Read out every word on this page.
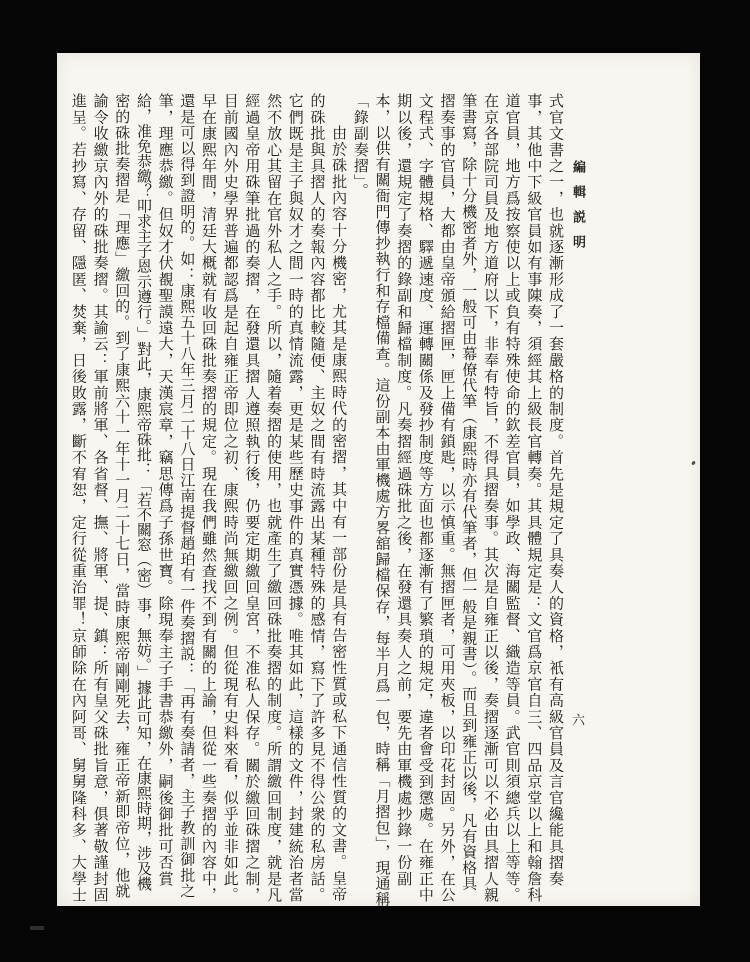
編輯説明
六
式官文書之一，也就逐漸形成了一套嚴格的制度。首先是規定了具奏人的資格，衹有高級官員及言官纔能具摺奏
事，其他中下級官員如有事陳奏，須經其上級長官轉奏。其具體規定是：文官爲京官自三、四品京堂以上和翰詹科
道官員，地方爲按察使以上或負有特殊使命的欽差官員，如學政、海關監督、織造等員。武官則須總兵以上等等。
在京各部院司員及地方道府以下，非奉有特旨，不得具摺奏事。其次是自雍正以後，奏摺逐漸可以不必由具摺人親
筆書寫，除十分機密者外，一般可由幕僚代筆（康熙時亦有代筆者，但一般是親書）。而且到雍正以後，凡有資格具
摺奏事的官員，大都由皇帝頒給摺匣，匣上備有鎖匙，以示慎重。無摺匣者，可用夾板，以印花封固。另外，在公
文程式、字體規格、驛遞速度、運轉關係及發抄制度等方面也都逐漸有了繁瑣的規定，違者會受到懲處。在雍正中
期以後，還規定了奏摺的錄副和歸檔制度。凡奏摺經過硃批之後，在發還具奏人之前，要先由軍機處抄錄一份副
本，以供有關衙門傳抄執行和存檔備查。這份副本由軍機處方畧舘歸檔保存，每半月爲一包，時稱「月摺包」，現通稱
「錄副奏摺」。
由於硃批內容十分機密，尤其是康熙時代的密摺，其中有一部份是具有告密性質或私下通信性質的文書。皇帝
的硃批與具摺人的奏報內容都比較隨便、主奴之間有時流露出某種特殊的感情，寫下了許多見不得公衆的私房話。
它們既是主子與奴才之間一時的真情流露，更是某些歷史事件的真實憑據。唯其如此，這樣的文件，封建統治者當
然不放心其留在官外私人之手。所以，隨着奏摺的使用，也就產生了繳回硃批奏摺的制度。所謂繳回制度，就是凡
經過皇帝用硃筆批過的奏摺，在發還具摺人遵照執行後，仍要定期繳回皇宮，不准私人保存。關於繳回硃摺之制，
目前國內外史學界普遍都認爲是起自雍正帝即位之初、康熙時尚無繳回之例。但從現有史料來看，似乎並非如此。
早在康熙年間，清廷大概就有收回硃批奏摺的規定。現在我們雖然查找不到有關的上諭，但從一些奏摺的內容中，
還是可以得到證明的。如：康熙五十八年三月二十八日江南提督趙珀有一件奏摺説：「再有奏請者，主子教訓御批之
筆，理應恭繳。但奴才伏覩聖謨遠大，天漢宸章，竊思傳爲子孫世寶。除現奉主子手書恭繳外，嗣後御批可否賞
給，准免恭繳？叩求主子恩示遵行。」對此，康熙帝硃批：「若不關窓（密）事，無妨。」據此可知，在康熙時期，涉及機
密的硃批奏摺是「理應」繳回的。到了康熙六十一年十一月二十七日，當時康熙帝剛剛死去，雍正帝新即帝位，他就
諭令收繳京內外的硃批奏摺。其諭云：軍前將軍、各省督、撫、將軍、提、鎮：所有皇父硃批旨意，俱著敬謹封固
進呈。若抄寫、存留、隱匿、焚棄，日後敗露，斷不宥恕，定行從重治罪！京師除在內阿哥、舅舅隆科多、大學士
